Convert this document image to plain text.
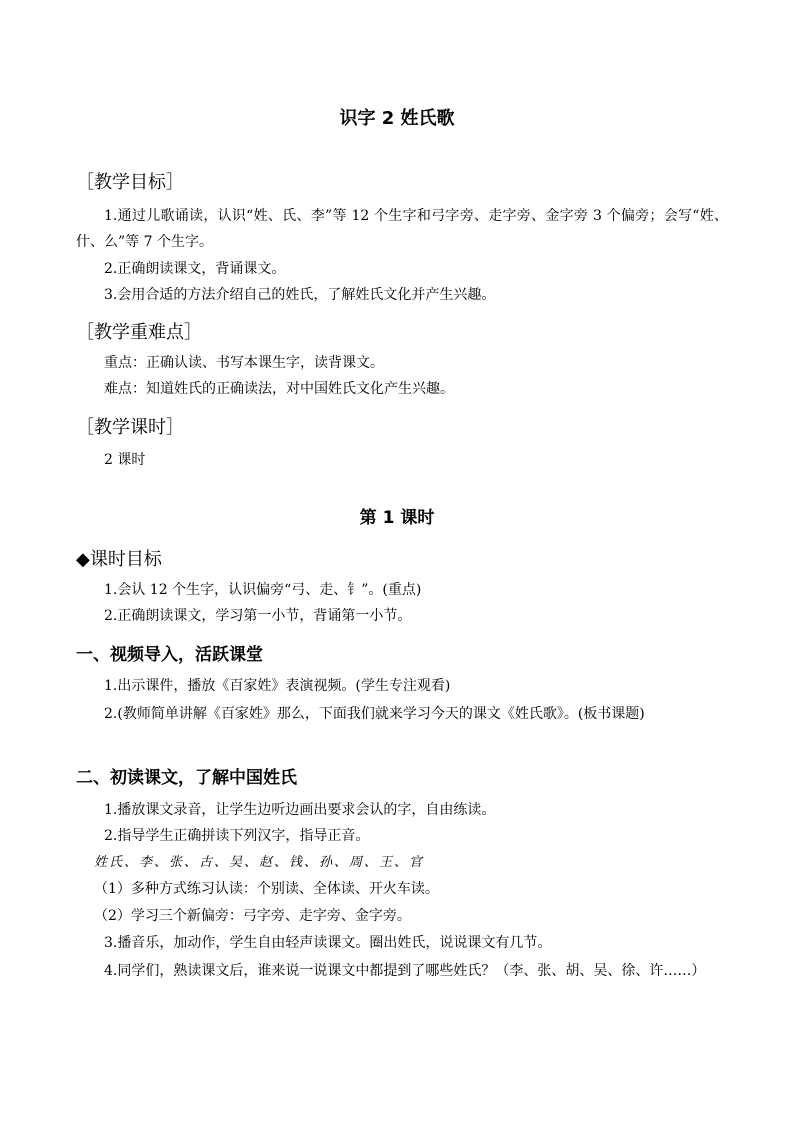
识字 2 姓氏歌
［教学目标］
1.通过儿歌诵读，认识“姓、氏、李”等 12 个生字和弓字旁、走字旁、金字旁 3 个偏旁；会写“姓、什、么”等 7 个生字。
2.正确朗读课文，背诵课文。
3.会用合适的方法介绍自己的姓氏，了解姓氏文化并产生兴趣。
［教学重难点］
重点：正确认读、书写本课生字，读背课文。
难点：知道姓氏的正确读法，对中国姓氏文化产生兴趣。
［教学课时］
2 课时
第 1 课时
◆课时目标
1.会认 12 个生字，认识偏旁“弓、走、钅”。(重点)
2.正确朗读课文，学习第一小节，背诵第一小节。
一、视频导入，活跃课堂
1.出示课件，播放《百家姓》表演视频。(学生专注观看)
2.(教师简单讲解《百家姓》那么，下面我们就来学习今天的课文《姓氏歌》。(板书课题)
二、初读课文，了解中国姓氏
1.播放课文录音，让学生边听边画出要求会认的字，自由练读。
2.指导学生正确拼读下列汉字，指导正音。
姓氏、李、张、古、吴、赵、钱、孙、周、王、官
（1）多种方式练习认读：个别读、全体读、开火车读。
（2）学习三个新偏旁：弓字旁、走字旁、金字旁。
3.播音乐，加动作，学生自由轻声读课文。圈出姓氏，说说课文有几节。
4.同学们，熟读课文后，谁来说一说课文中都提到了哪些姓氏？（李、张、胡、吴、徐、许……）
